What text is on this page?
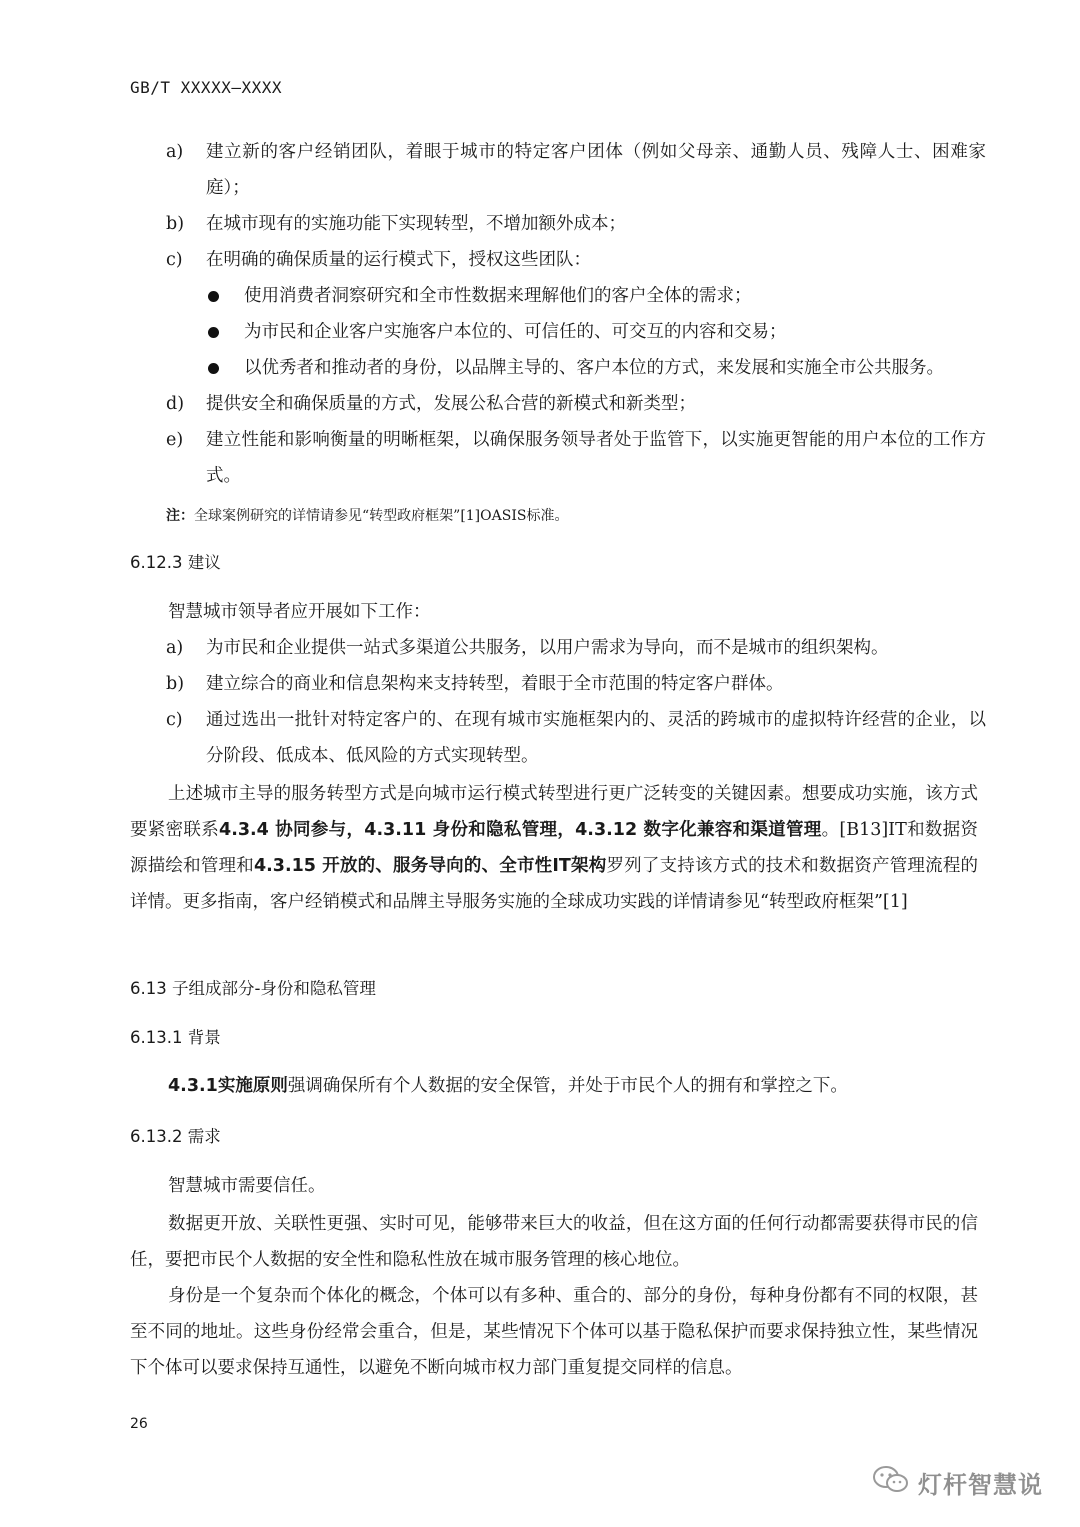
GB/T XXXXX—XXXX
a)	建立新的客户经销团队，着眼于城市的特定客户团体（例如父母亲、通勤人员、残障人士、困难家庭）；
b)	在城市现有的实施功能下实现转型，不增加额外成本；
c)	在明确的确保质量的运行模式下，授权这些团队：
使用消费者洞察研究和全市性数据来理解他们的客户全体的需求；
为市民和企业客户实施客户本位的、可信任的、可交互的内容和交易；
以优秀者和推动者的身份，以品牌主导的、客户本位的方式，来发展和实施全市公共服务。
d)	提供安全和确保质量的方式，发展公私合营的新模式和新类型；
e)	建立性能和影响衡量的明晰框架，以确保服务领导者处于监管下，以实施更智能的用户本位的工作方式。
注：全球案例研究的详情请参见“转型政府框架”[1]OASIS标准。
6.12.3 建议
智慧城市领导者应开展如下工作：
a)	为市民和企业提供一站式多渠道公共服务，以用户需求为导向，而不是城市的组织架构。
b)	建立综合的商业和信息架构来支持转型，着眼于全市范围的特定客户群体。
c)	通过选出一批针对特定客户的、在现有城市实施框架内的、灵活的跨城市的虚拟特许经营的企业，以分阶段、低成本、低风险的方式实现转型。
上述城市主导的服务转型方式是向城市运行模式转型进行更广泛转变的关键因素。想要成功实施，该方式要紧密联系4.3.4 协同参与，4.3.11 身份和隐私管理，4.3.12 数字化兼容和渠道管理。[B13]IT和数据资源描绘和管理和4.3.15 开放的、服务导向的、全市性IT架构罗列了支持该方式的技术和数据资产管理流程的详情。更多指南，客户经销模式和品牌主导服务实施的全球成功实践的详情请参见“转型政府框架”[1]
6.13 子组成部分-身份和隐私管理
6.13.1 背景
4.3.1实施原则强调确保所有个人数据的安全保管，并处于市民个人的拥有和掌控之下。
6.13.2 需求
智慧城市需要信任。
数据更开放、关联性更强、实时可见，能够带来巨大的收益，但在这方面的任何行动都需要获得市民的信任，要把市民个人数据的安全性和隐私性放在城市服务管理的核心地位。
身份是一个复杂而个体化的概念，个体可以有多种、重合的、部分的身份，每种身份都有不同的权限，甚至不同的地址。这些身份经常会重合，但是，某些情况下个体可以基于隐私保护而要求保持独立性，某些情况下个体可以要求保持互通性，以避免不断向城市权力部门重复提交同样的信息。
26
灯杆智慧说
